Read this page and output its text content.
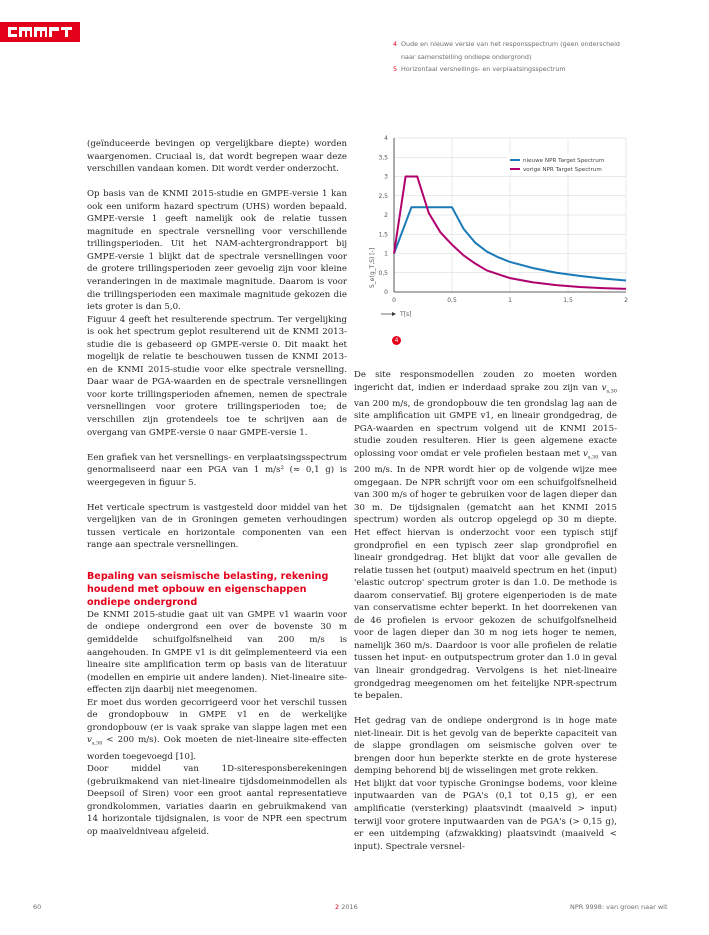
4 Oude en nieuwe versie van het responsspectrum (geen onderscheid
naar samenstelling ondiepe ondergrond)
5 Horizontaal versnellings- en verplaatsingsspectrum

(geïnduceerde bevingen op vergelijkbare diepte) worden waargenomen. Cruciaal is, dat wordt begrepen waar deze verschillen vandaan komen. Dit wordt verder onderzocht.

Op basis van de KNMI 2015-studie en GMPE-versie 1 kan ook een uniform hazard spectrum (UHS) worden bepaald. GMPE-versie 1 geeft namelijk ook de relatie tussen magnitude en spectrale versnelling voor verschillende trillingsperioden. Uit het NAM-achtergrondrapport bij GMPE-versie 1 blijkt dat de spectrale versnellingen voor de grotere trillingsperioden zeer gevoelig zijn voor kleine veranderingen in de maximale magnitude. Daarom is voor die trillingsperioden een maximale magnitude gekozen die iets groter is dan 5,0.

Figuur 4 geeft het resulterende spectrum. Ter vergelijking is ook het spectrum geplot resulterend uit de KNMI 2013-studie die is gebaseerd op GMPE-versie 0. Dit maakt het mogelijk de relatie te beschouwen tussen de KNMI 2013- en de KNMI 2015-studie voor elke spectrale versnelling. Daar waar de PGA-waarden en de spectrale versnellingen voor korte trillingsperioden afnemen, nemen de spectrale versnellingen voor grotere trillingsperioden toe; de verschillen zijn grotendeels toe te schrijven aan de overgang van GMPE-versie 0 naar GMPE-versie 1.

Een grafiek van het versnellings- en verplaatsingsspectrum genormaliseerd naar een PGA van 1 m/s² (≈ 0,1 g) is weergegeven in figuur 5.

Het verticale spectrum is vastgesteld door middel van het vergelijken van de in Groningen gemeten verhoudingen tussen verticale en horizontale componenten van een range aan spectrale versnellingen.

Bepaling van seismische belasting, rekening houdend met opbouw en eigenschappen ondiepe ondergrond

De KNMI 2015-studie gaat uit van GMPE v1 waarin voor de ondiepe ondergrond een over de bovenste 30 m gemiddelde schuifgolfsnelheid van 200 m/s is aangehouden. In GMPE v1 is dit geïmplementeerd via een lineaire site amplification term op basis van de literatuur (modellen en empirie uit andere landen). Niet-lineaire site-effecten zijn daarbij niet meegenomen.

Er moet dus worden gecorrigeerd voor het verschil tussen de grondopbouw in GMPE v1 en de werkelijke grondopbouw (er is vaak sprake van slappe lagen met een $v_{s,30} < 200$ m/s). Ook moeten de niet-lineaire site-effecten worden toegevoegd [10].

Door middel van 1D-siteresponsberekeningen (gebruikmakend van niet-lineaire tijdsdomeinmodellen als Deepsoil of Siren) voor een groot aantal representatieve grondkolommen, variaties daarin en gebruikmakend van 14 horizontale tijdsignalen, is voor de NPR een spectrum op maaiveldniveau afgeleid.

0
0,5
1
1,5
2
2,5
3
3,5
4
0	0,5	1	1,5	2
S_e(g_T,S) [-]
T[s]
nieuwe NPR Target Spectrum
vorige NPR Target Spectrum
4

De site responsmodellen zouden zo moeten worden ingericht dat, indien er inderdaad sprake zou zijn van $v_{s,30}$ van 200 m/s, de grondopbouw die ten grondslag lag aan de site amplification uit GMPE v1, en lineair grondgedrag, de PGA-waarden en spectrum volgend uit de KNMI 2015-studie zouden resulteren. Hier is geen algemene exacte oplossing voor omdat er vele profielen bestaan met $v_{s,30}$ van 200 m/s. In de NPR wordt hier op de volgende wijze mee omgegaan. De NPR schrijft voor om een schuifgolfsnelheid van 300 m/s of hoger te gebruiken voor de lagen dieper dan 30 m. De tijdsignalen (gematcht aan het KNMI 2015 spectrum) worden als outcrop opgelegd op 30 m diepte. Het effect hiervan is onderzocht voor een typisch stijf grondprofiel en een typisch zeer slap grondprofiel en lineair grondgedrag. Het blijkt dat voor alle gevallen de relatie tussen het (output) maaiveld spectrum en het (input) 'elastic outcrop' spectrum groter is dan 1.0. De methode is daarom conservatief. Bij grotere eigenperioden is de mate van conservatisme echter beperkt. In het doorrekenen van de 46 profielen is ervoor gekozen de schuifgolfsnelheid voor de lagen dieper dan 30 m nog iets hoger te nemen, namelijk 360 m/s. Daardoor is voor alle profielen de relatie tussen het input- en outputspectrum groter dan 1.0 in geval van lineair grondgedrag. Vervolgens is het niet-lineaire grondgedrag meegenomen om het feitelijke NPR-spectrum te bepalen.

Het gedrag van de ondiepe ondergrond is in hoge mate niet-lineair. Dit is het gevolg van de beperkte capaciteit van de slappe grondlagen om seismische golven over te brengen door hun beperkte sterkte en de grote hysterese demping behorend bij de wisselingen met grote rekken.

Het blijkt dat voor typische Groningse bodems, voor kleine inputwaarden van de PGA's (0,1 tot 0,15 g), er een amplificatie (versterking) plaatsvindt (maaiveld > input) terwijl voor grotere inputwaarden van de PGA's (> 0,15 g), er een uitdemping (afzwakking) plaatsvindt (maaiveld < input). Spectrale versnel-

60	2 2016	NPR 9998: van groen naar wit
